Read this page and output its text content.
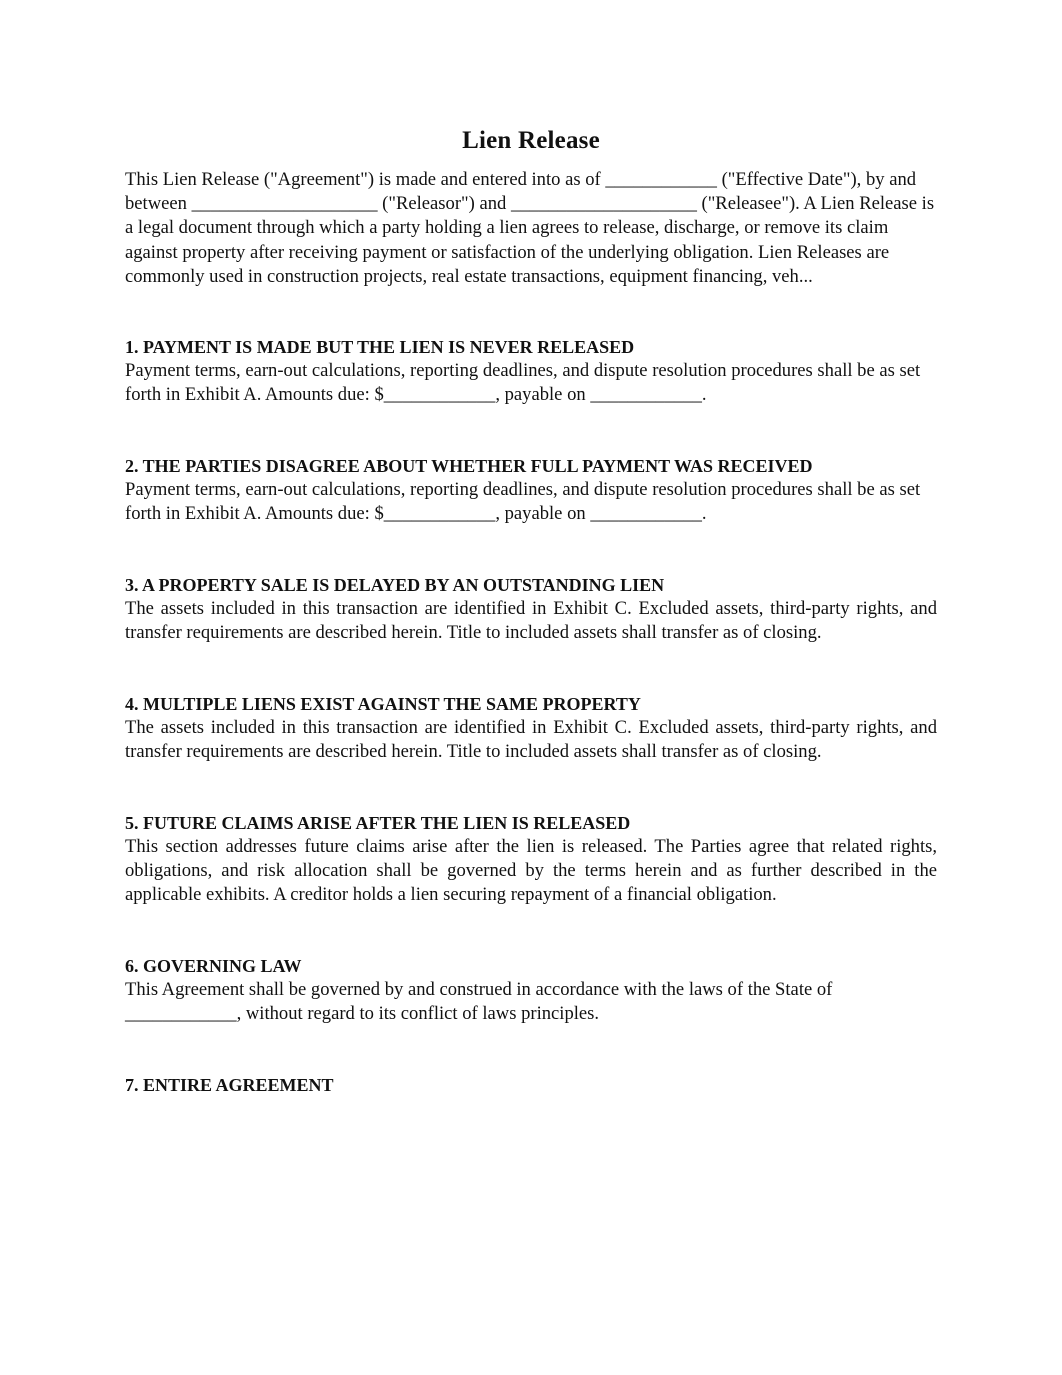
Lien Release

This Lien Release ("Agreement") is made and entered into as of ____________ ("Effective Date"), by and between ____________________ ("Releasor") and ____________________ ("Releasee"). A Lien Release is a legal document through which a party holding a lien agrees to release, discharge, or remove its claim against property after receiving payment or satisfaction of the underlying obligation. Lien Releases are commonly used in construction projects, real estate transactions, equipment financing, veh...

1. PAYMENT IS MADE BUT THE LIEN IS NEVER RELEASED

Payment terms, earn-out calculations, reporting deadlines, and dispute resolution procedures shall be as set forth in Exhibit A. Amounts due: $____________, payable on ____________.

2. THE PARTIES DISAGREE ABOUT WHETHER FULL PAYMENT WAS RECEIVED

Payment terms, earn-out calculations, reporting deadlines, and dispute resolution procedures shall be as set forth in Exhibit A. Amounts due: $____________, payable on ____________.

3. A PROPERTY SALE IS DELAYED BY AN OUTSTANDING LIEN

The assets included in this transaction are identified in Exhibit C. Excluded assets, third-party rights, and transfer requirements are described herein. Title to included assets shall transfer as of closing.

4. MULTIPLE LIENS EXIST AGAINST THE SAME PROPERTY

The assets included in this transaction are identified in Exhibit C. Excluded assets, third-party rights, and transfer requirements are described herein. Title to included assets shall transfer as of closing.

5. FUTURE CLAIMS ARISE AFTER THE LIEN IS RELEASED

This section addresses future claims arise after the lien is released. The Parties agree that related rights, obligations, and risk allocation shall be governed by the terms herein and as further described in the applicable exhibits. A creditor holds a lien securing repayment of a financial obligation.

6. GOVERNING LAW

This Agreement shall be governed by and construed in accordance with the laws of the State of ____________, without regard to its conflict of laws principles.

7. ENTIRE AGREEMENT
